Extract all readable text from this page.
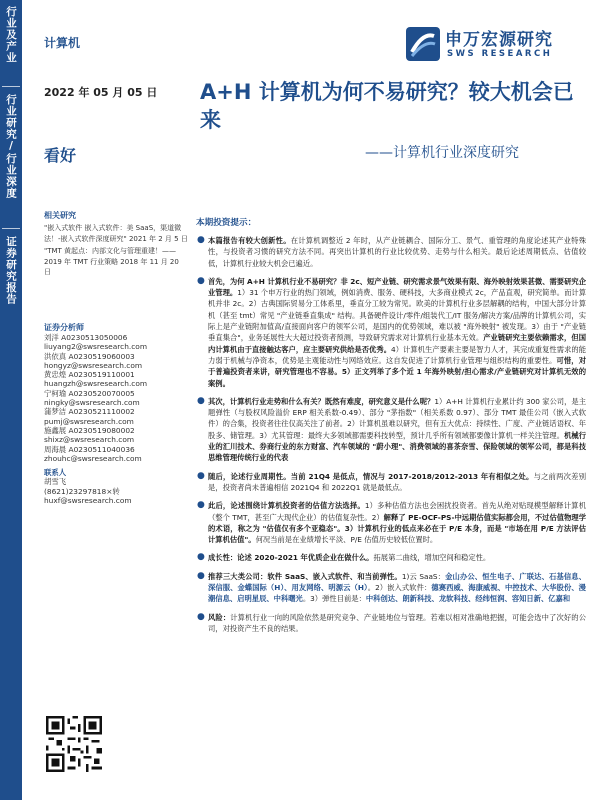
行业及产业
行业研究/行业深度
证券研究报告
计算机	申万宏源研究
SWS RESEARCH
2022 年 05 月 05 日 A+H 计算机为何不易研究？较大机会已来
——计算机行业深度研究
看好
相关研究

"嵌入式软件 嵌入式软件：美 SaaS，渠道微法！-嵌入式软件深度研究" 2021 年 2 月 5 日

"TMT 黄起点：内部文化与管理重建！——2019 年 TMT 行业策略 2018 年 11 月 20 日

证券分析师
刘洋 A0230513050006
liuyang2@swsresearch.com
洪依真 A0230519060003
hongyz@swsresearch.com
黄忠煌 A0230519110001
huangzh@swsresearch.com
宁柯瑜 A0230520070005
ningky@swsresearch.com
蒲梦洁 A0230521110002
pumj@swsresearch.com
施鑫展 A0230519080002
shixz@swsresearch.com
周海晨 A0230511040036
zhouhc@swsresearch.com
联系人
胡雪飞
(8621)23297818×转
huxf@swsresearch.com
本期投资提示：
● 本篇报告有较大创新性。在计算机调整近 2 年时，从产业链耦合、国际分工、景气、重管理的角度论述其产业特殊性，与投资者习惯的研究方法不同。再突出计算机的行业比较优势、走势与什么相关。最后论述周期低点、估值较低，计算机行业较大机会已遍近。
● 首先，为何 A+H 计算机行业不易研究？非 2c、短产业链、研究需求景气效果有限、海外映射效果甚微、需要研究企业管理。1）31 个申万行业的热门领域，例如消费、服务、硬科技，大多商业模式 2c，产品直观，研究简单。而计算机并非 2c。2）古典国际贸易分工体系里，垂直分工较为常见。欧美的计算机行业多层解耦的结构，中国大部分计算机（甚至 tmt）常见 "产业链垂直集成" 结构。具备硬件设计/零件/组装代工/IT 服务/解决方案/品牌的计算机公司，实际上是产业链附加值高/直接面向客户的领军公司，是国内的优势领域，难以被 "海外映射" 被发现。3）由于 "产业链垂直集合"，业务延展性大大超过投资者预测，导致研究需求对计算机行业基本无效。产业链研究主要依赖需求，但国内计算机由于直接触达客户，应主要研究供给是否优秀。4）计算机生产要素主要是智力人才，其完成重复性需求的能力弱于机械与净资本，优势是主观能动性与网络效应。这自发促进了计算机行业管理与组织结构的重要性。可惜，对于普遍投资者来讲，研究管理也不容易。5）正文列举了多个近 1 年海外映射/担心需求/产业链研究对计算机无效的案例。
● 其次，计算机行业走势和什么有关？既然有难度，研究意义是什么呢？1）A+H 计算机行业累计约 300 家公司，是主题弹性（与股权风险溢价 ERP 相关系数-0.49）、部分 "茅指数"（相关系数 0.97）、部分 TMT 最佳公司（嵌入式软件）的合集，投资者往往仅高关注了前者。2）计算机虽难以研究，但有五大优点：持续性、广度、产业链话语权、年股多、储管理。3）尤其管理：最终大多领域都需要科技转型，预计几乎所有领域都要像计算机一样关注管理。机械行业的汇川技术、券商行业的东方财富、汽车领域的 "蔚小理"、消费领域的喜茶奈雪、保险领域的领军公司，都是科技思维管理传统行业的代表
● 随后，论述行业周期性。当前 21Q4 是低点，情况与 2017-2018/2012-2013 年有相似之处。与之前两次差别是，投资者尚未普遍相信 2021Q4 和 2022Q1 就是最低点。
● 此后，论述围绕计算机投资者的估值方法选择。1）多种估值方法也会困扰投资者。首先从绝对贴现模型解释计算机（整个 TMT，甚至广大现代企业）的估值复杂性。2）解释了 PE-OCF-PS-中远期估值实际都会用，不过估值物理学的术语，称之为 "估值仅有多个亚稳态"。3）计算机行业的低点来必在于 P/E 本身，而是 "市场在用 P/E 方法评估计算机估值"。何况当前是在业绩增长平淡、P/E 估值历史较低位置时。
● 成长性：论述 2020-2021 年优质企业在做什么。拓展第二曲线，增加空间和稳定性。
● 推荐三大类公司：软件 SaaS、嵌入式软件、和当前弹性。1)云 SaaS：金山办公、恒生电子、广联达、石基信息、深信服、金蝶国际（H）、用友网络、明源云（H）。2）嵌入式软件：德赛西威、海康威视、中控技术、大华股份、漫潮信息、启明星辰、中科曙光。3）弹性目前是：中科创达、朗新科技、龙软科技、经纬恒润、容知日新、亿嘉和
● 风险：计算机行业一向的风险依然是研究竞争、产业链地位与管理。若难以相对准确地把握，可能会选中了次好的公司，对投资产生不良的结果。
